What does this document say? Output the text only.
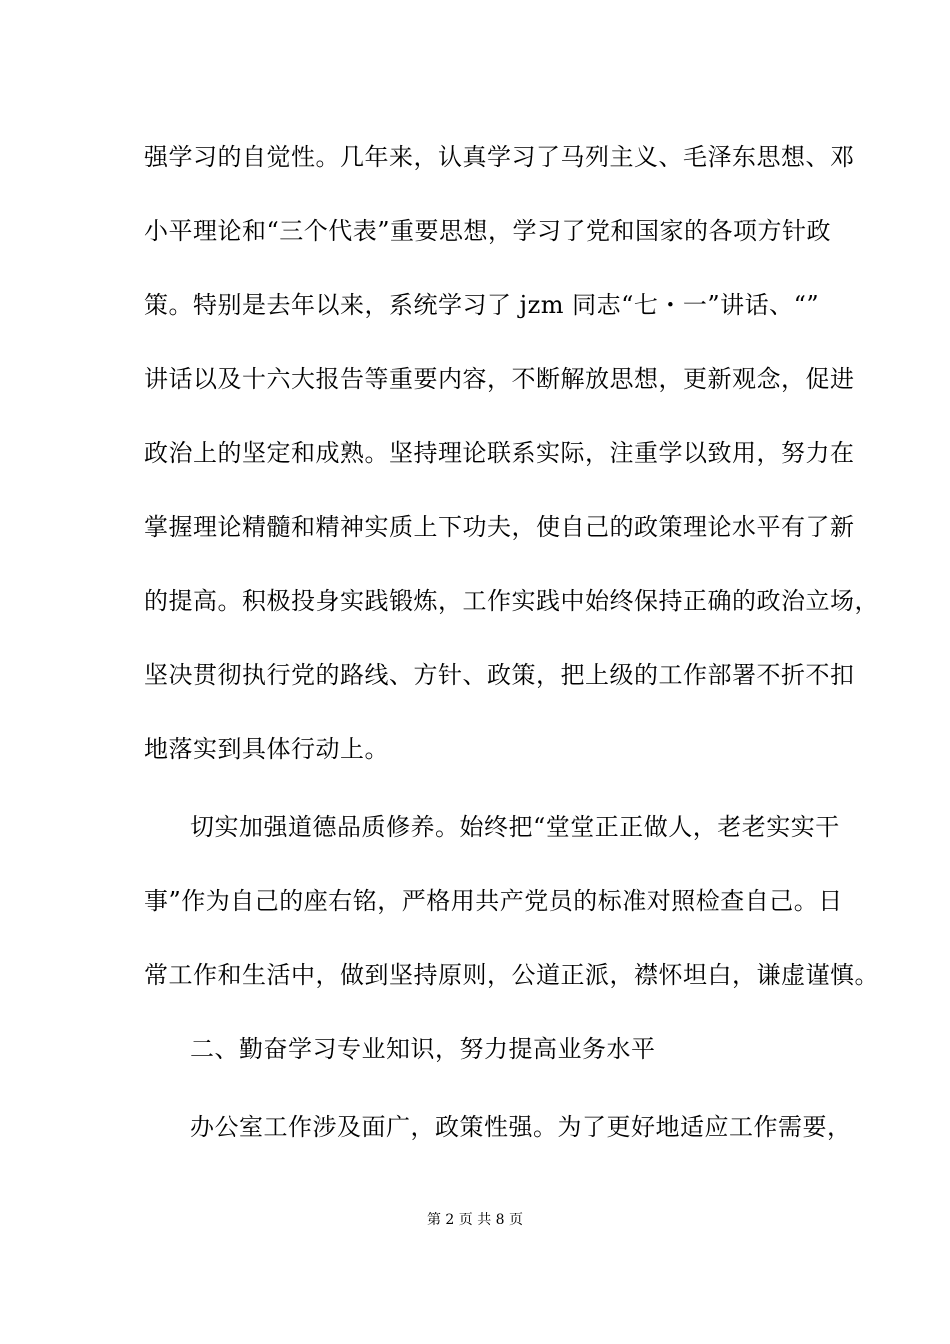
强学习的自觉性。几年来，认真学习了马列主义、毛泽东思想、邓
小平理论和“三个代表”重要思想，学习了党和国家的各项方针政
策。特别是去年以来，系统学习了 jzm 同志“七・一”讲话、“”
讲话以及十六大报告等重要内容，不断解放思想，更新观念，促进
政治上的坚定和成熟。坚持理论联系实际，注重学以致用，努力在
掌握理论精髓和精神实质上下功夫，使自己的政策理论水平有了新
的提高。积极投身实践锻炼，工作实践中始终保持正确的政治立场，
坚决贯彻执行党的路线、方针、政策，把上级的工作部署不折不扣
地落实到具体行动上。
切实加强道德品质修养。始终把“堂堂正正做人，老老实实干
事”作为自己的座右铭，严格用共产党员的标准对照检查自己。日
常工作和生活中，做到坚持原则，公道正派，襟怀坦白，谦虚谨慎。
二、勤奋学习专业知识，努力提高业务水平
办公室工作涉及面广，政策性强。为了更好地适应工作需要，
第 2 页 共 8 页
